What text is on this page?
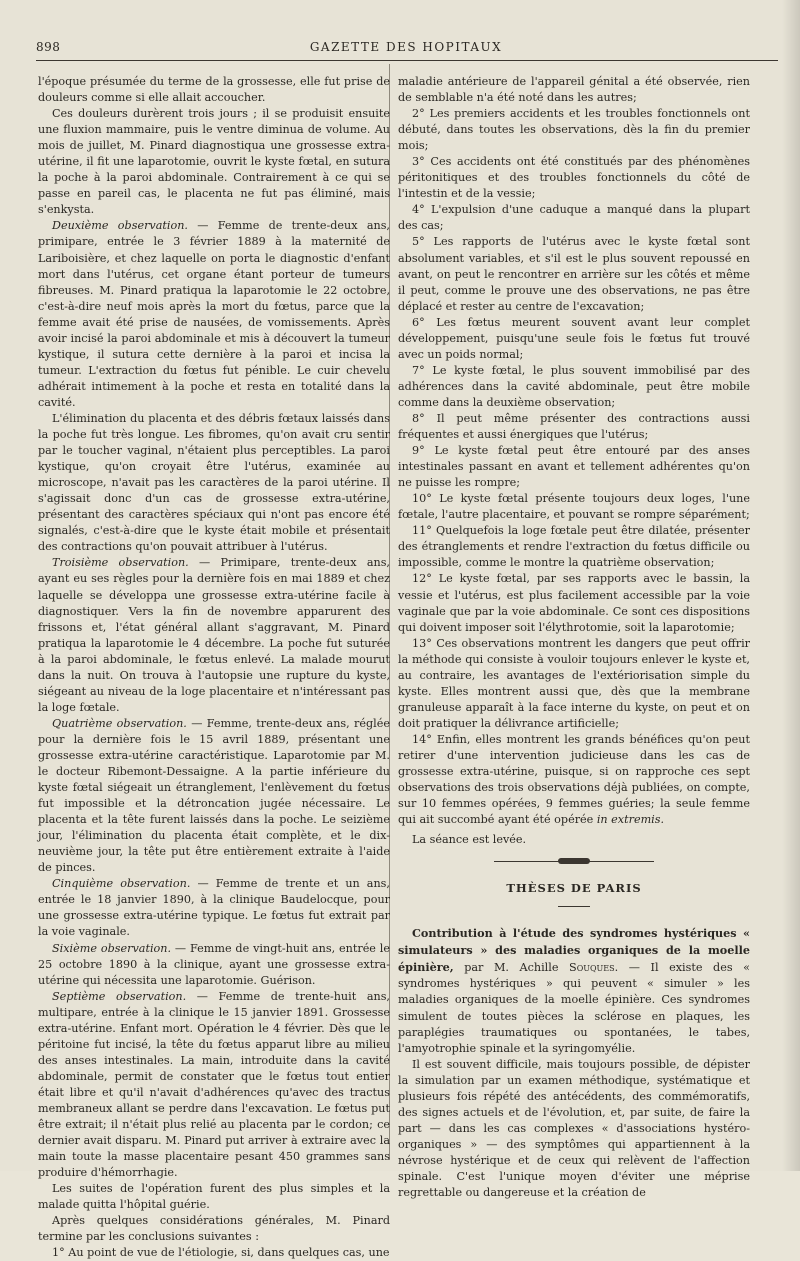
898	GAZETTE DES HOPITAUX

l'époque présumée du terme de la grossesse, elle fut prise de douleurs comme si elle allait accoucher.

Ces douleurs durèrent trois jours ; il se produisit ensuite une fluxion mammaire, puis le ventre diminua de volume. Au mois de juillet, M. Pinard diagnostiqua une grossesse extra-utérine, il fit une laparotomie, ouvrit le kyste fœtal, en sutura la poche à la paroi abdominale. Contrairement à ce qui se passe en pareil cas, le placenta ne fut pas éliminé, mais s'enkysta.

Deuxième observation. — Femme de trente-deux ans, primipare, entrée le 3 février 1889 à la maternité de Lariboisière, et chez laquelle on porta le diagnostic d'enfant mort dans l'utérus, cet organe étant porteur de tumeurs fibreuses. M. Pinard pratiqua la laparotomie le 22 octobre, c'est-à-dire neuf mois après la mort du fœtus, parce que la femme avait été prise de nausées, de vomissements. Après avoir incisé la paroi abdominale et mis à découvert la tumeur kystique, il sutura cette dernière à la paroi et incisa la tumeur. L'extraction du fœtus fut pénible. Le cuir chevelu adhérait intimement à la poche et resta en totalité dans la cavité.

L'élimination du placenta et des débris fœtaux laissés dans la poche fut très longue. Les fibromes, qu'on avait cru sentir par le toucher vaginal, n'étaient plus perceptibles. La paroi kystique, qu'on croyait être l'utérus, examinée au microscope, n'avait pas les caractères de la paroi utérine. Il s'agissait donc d'un cas de grossesse extra-utérine, présentant des caractères spéciaux qui n'ont pas encore été signalés, c'est-à-dire que le kyste était mobile et présentait des contractions qu'on pouvait attribuer à l'utérus.

Troisième observation. — Primipare, trente-deux ans, ayant eu ses règles pour la dernière fois en mai 1889 et chez laquelle se développa une grossesse extra-utérine facile à diagnostiquer. Vers la fin de novembre apparurent des frissons et, l'état général allant s'aggravant, M. Pinard pratiqua la laparotomie le 4 décembre. La poche fut suturée à la paroi abdominale, le fœtus enlevé. La malade mourut dans la nuit. On trouva à l'autopsie une rupture du kyste, siégeant au niveau de la loge placentaire et n'intéressant pas la loge fœtale.

Quatrième observation. — Femme, trente-deux ans, réglée pour la dernière fois le 15 avril 1889, présentant une grossesse extra-utérine caractéristique. Laparotomie par M. le docteur Ribemont-Dessaigne. A la partie inférieure du kyste fœtal siégeait un étranglement, l'enlèvement du fœtus fut impossible et la détroncation jugée nécessaire. Le placenta et la tête furent laissés dans la poche. Le seizième jour, l'élimination du placenta était complète, et le dix-neuvième jour, la tête put être entièrement extraite à l'aide de pinces.

Cinquième observation. — Femme de trente et un ans, entrée le 18 janvier 1890, à la clinique Baudelocque, pour une grossesse extra-utérine typique. Le fœtus fut extrait par la voie vaginale.

Sixième observation. — Femme de vingt-huit ans, entrée le 25 octobre 1890 à la clinique, ayant une grossesse extra-utérine qui nécessita une laparotomie. Guérison.

Septième observation. — Femme de trente-huit ans, multipare, entrée à la clinique le 15 janvier 1891. Grossesse extra-utérine. Enfant mort. Opération le 4 février. Dès que le péritoine fut incisé, la tête du fœtus apparut libre au milieu des anses intestinales. La main, introduite dans la cavité abdominale, permit de constater que le fœtus tout entier était libre et qu'il n'avait d'adhérences qu'avec des tractus membraneux allant se perdre dans l'excavation. Le fœtus put être extrait; il n'était plus relié au placenta par le cordon; ce dernier avait disparu. M. Pinard put arriver à extraire avec la main toute la masse placentaire pesant 450 grammes sans produire d'hémorrhagie.

Les suites de l'opération furent des plus simples et la malade quitta l'hôpital guérie.

Après quelques considérations générales, M. Pinard termine par les conclusions suivantes :

1° Au point de vue de l'étiologie, si, dans quelques cas, une

maladie antérieure de l'appareil génital a été observée, rien de semblable n'a été noté dans les autres;

2° Les premiers accidents et les troubles fonctionnels ont débuté, dans toutes les observations, dès la fin du premier mois;

3° Ces accidents ont été constitués par des phénomènes péritonitiques et des troubles fonctionnels du côté de l'intestin et de la vessie;

4° L'expulsion d'une caduque a manqué dans la plupart des cas;

5° Les rapports de l'utérus avec le kyste fœtal sont absolument variables, et s'il est le plus souvent repoussé en avant, on peut le rencontrer en arrière sur les côtés et même il peut, comme le prouve une des observations, ne pas être déplacé et rester au centre de l'excavation;

6° Les fœtus meurent souvent avant leur complet développement, puisqu'une seule fois le fœtus fut trouvé avec un poids normal;

7° Le kyste fœtal, le plus souvent immobilisé par des adhérences dans la cavité abdominale, peut être mobile comme dans la deuxième observation;

8° Il peut même présenter des contractions aussi fréquentes et aussi énergiques que l'utérus;

9° Le kyste fœtal peut être entouré par des anses intestinales passant en avant et tellement adhérentes qu'on ne puisse les rompre;

10° Le kyste fœtal présente toujours deux loges, l'une fœtale, l'autre placentaire, et pouvant se rompre séparément;

11° Quelquefois la loge fœtale peut être dilatée, présenter des étranglements et rendre l'extraction du fœtus difficile ou impossible, comme le montre la quatrième observation;

12° Le kyste fœtal, par ses rapports avec le bassin, la vessie et l'utérus, est plus facilement accessible par la voie vaginale que par la voie abdominale. Ce sont ces dispositions qui doivent imposer soit l'élythrotomie, soit la laparotomie;

13° Ces observations montrent les dangers que peut offrir la méthode qui consiste à vouloir toujours enlever le kyste et, au contraire, les avantages de l'extériorisation simple du kyste. Elles montrent aussi que, dès que la membrane granuleuse apparaît à la face interne du kyste, on peut et on doit pratiquer la délivrance artificielle;

14° Enfin, elles montrent les grands bénéfices qu'on peut retirer d'une intervention judicieuse dans les cas de grossesse extra-utérine, puisque, si on rapproche ces sept observations des trois observations déjà publiées, on compte, sur 10 femmes opérées, 9 femmes guéries; la seule femme qui ait succombé ayant été opérée in extremis.

La séance est levée.

THÈSES DE PARIS

Contribution à l'étude des syndromes hystériques « simulateurs » des maladies organiques de la moelle épinière, par M. Achille Souques. — Il existe des « syndromes hystériques » qui peuvent « simuler » les maladies organiques de la moelle épinière. Ces syndromes simulent de toutes pièces la sclérose en plaques, les paraplégies traumatiques ou spontanées, le tabes, l'amyotrophie spinale et la syringomyélie.

Il est souvent difficile, mais toujours possible, de dépister la simulation par un examen méthodique, systématique et plusieurs fois répété des antécédents, des commémoratifs, des signes actuels et de l'évolution, et, par suite, de faire la part — dans les cas complexes « d'associations hystéro-organiques » — des symptômes qui appartiennent à la névrose hystérique et de ceux qui relèvent de l'affection spinale. C'est l'unique moyen d'éviter une méprise regrettable ou dangereuse et la création de
